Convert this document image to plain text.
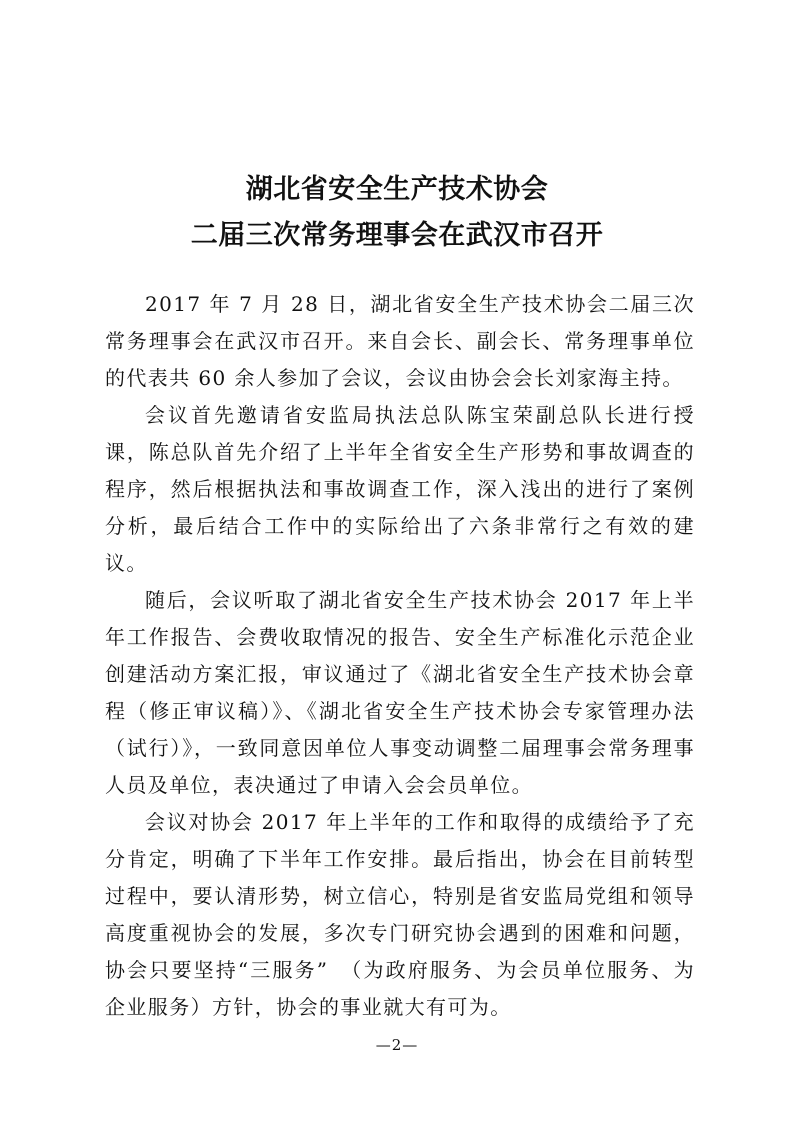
湖北省安全生产技术协会
二届三次常务理事会在武汉市召开

2017 年 7 月 28 日，湖北省安全生产技术协会二届三次常务理事会在武汉市召开。来自会长、副会长、常务理事单位的代表共 60 余人参加了会议，会议由协会会长刘家海主持。

会议首先邀请省安监局执法总队陈宝荣副总队长进行授课，陈总队首先介绍了上半年全省安全生产形势和事故调查的程序，然后根据执法和事故调查工作，深入浅出的进行了案例分析，最后结合工作中的实际给出了六条非常行之有效的建议。

随后，会议听取了湖北省安全生产技术协会 2017 年上半年工作报告、会费收取情况的报告、安全生产标准化示范企业创建活动方案汇报，审议通过了《湖北省安全生产技术协会章程（修正审议稿）》、《湖北省安全生产技术协会专家管理办法（试行）》，一致同意因单位人事变动调整二届理事会常务理事人员及单位，表决通过了申请入会会员单位。

会议对协会 2017 年上半年的工作和取得的成绩给予了充分肯定，明确了下半年工作安排。最后指出，协会在目前转型过程中，要认清形势，树立信心，特别是省安监局党组和领导高度重视协会的发展，多次专门研究协会遇到的困难和问题，协会只要坚持“三服务”　（为政府服务、为会员单位服务、为企业服务）方针，协会的事业就大有可为。

—2—
